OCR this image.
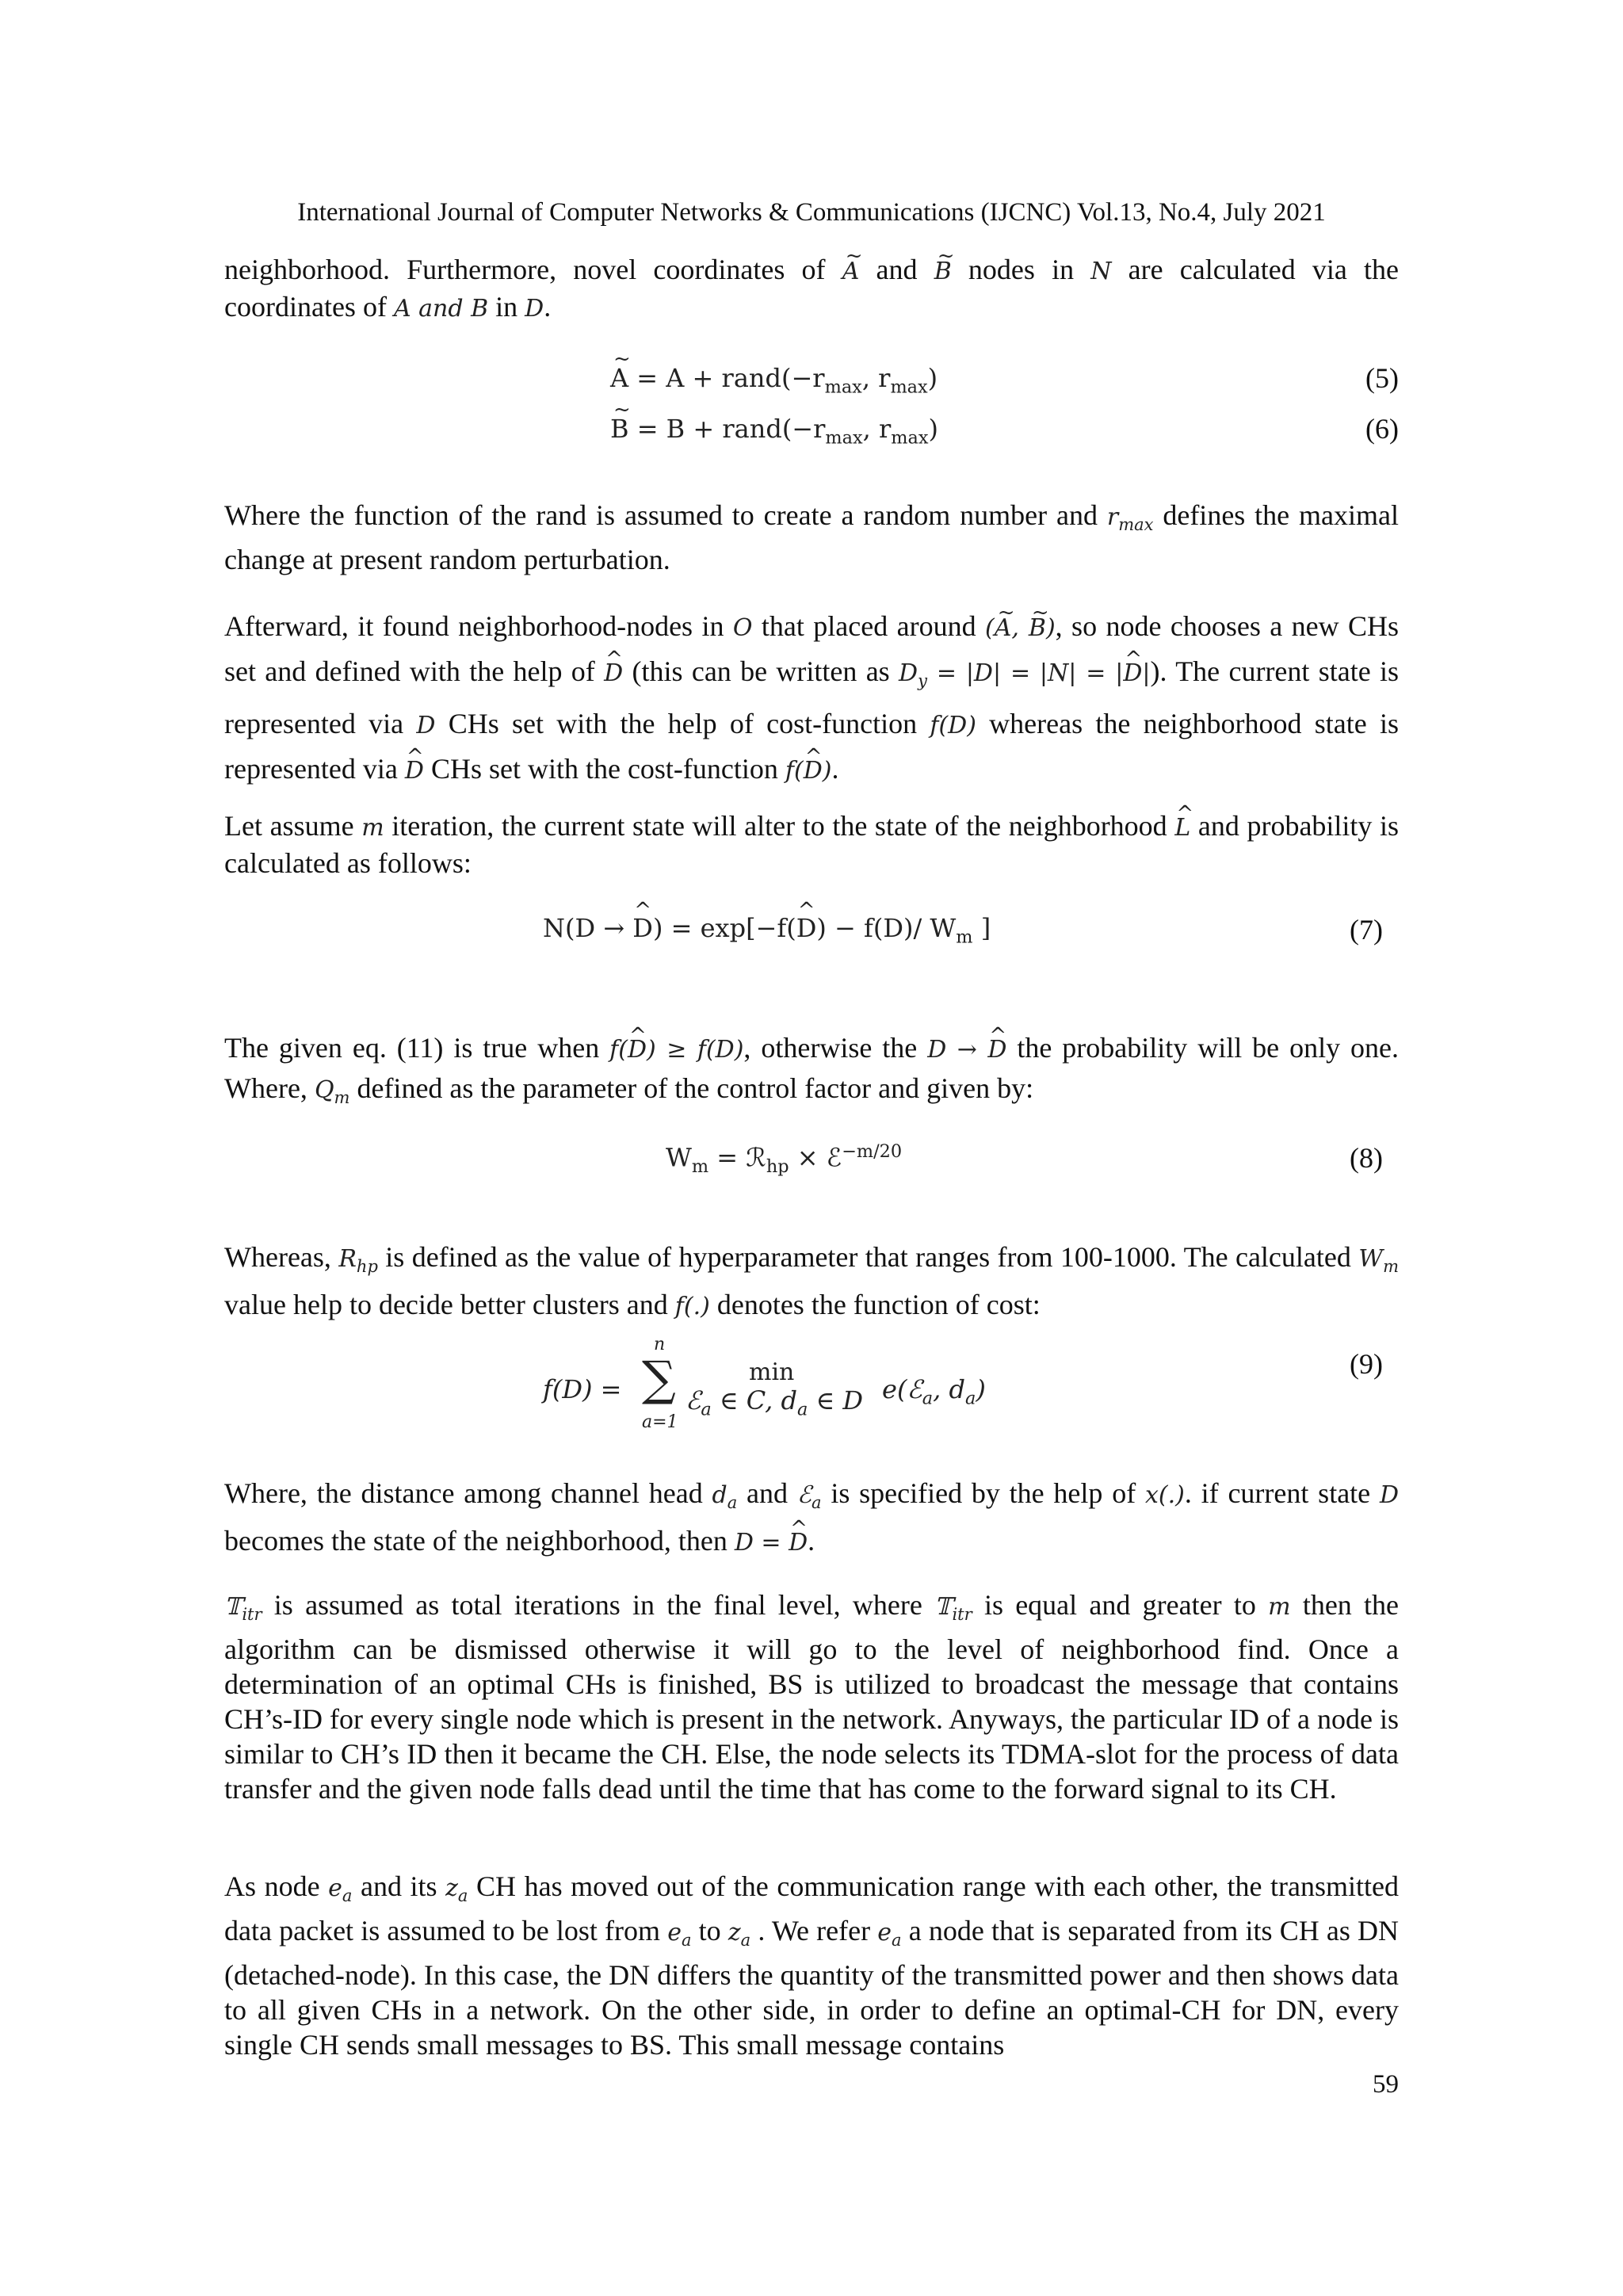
International Journal of Computer Networks & Communications (IJCNC) Vol.13, No.4, July 2021
neighborhood. Furthermore, novel coordinates of ~ A and ~ B nodes in N are calculated via the coordinates of A and B in D.
~ $A = A + rand(-r_{max}$, $r_{max}$)	(5)
~ $B = B + rand(-r_{max}$, $r_{max}$)	(6)
Where the function of the rand is assumed to create a random number and $r_{max}$ defines the maximal change at present random perturbation.
Afterward, it found neighborhood-nodes in O that placed around (~ A, ~ B), so node chooses a new CHs set and defined with the help of ^ D (this can be written as $D_y = |D| = |N|$ = |^ D|). The current state is represented via D CHs set with the help of cost-function f(D) whereas the neighborhood state is represented via ^ D CHs set with the cost-function f(^ D).
Let assume m iteration, the current state will alter to the state of the neighborhood ^ L and probability is calculated as follows:
N(D → ^ D) = exp[−f(^ D) − f(D)/ $W_m$ ]	(7)
The given eq. (11) is true when f(^ D) ≥ f(D), otherwise the D → ^ D the probability will be only one. Where, $Q_m$ defined as the parameter of the control factor and given by:
$W_m$ = ℛ$_{hp}$ × ℰ$^{-m/20}$	(8)
Whereas, $R_{hp}$ is defined as the value of hyperparameter that ranges from 100-1000. The calculated $W_m$ value help to decide better clusters and f(.) denotes the function of cost:
f(D) =
n
∑
a=1
min
ℰ$_a$ ∈ C, $d_a$ ∈ D e(ℰ$_a$, $d_a$)
(9)
Where, the distance among channel head $d_a$ and ℰ$_a$ is specified by the help of x(.). if current state D becomes the state of the neighborhood, then D = ^ D.
𝕋$_{itr}$ is assumed as total iterations in the final level, where 𝕋$_{itr}$ is equal and greater to m then the algorithm can be dismissed otherwise it will go to the level of neighborhood find. Once a determination of an optimal CHs is finished, BS is utilized to broadcast the message that contains CH’s-ID for every single node which is present in the network. Anyways, the particular ID of a node is similar to CH’s ID then it became the CH. Else, the node selects its TDMA-slot for the process of data transfer and the given node falls dead until the time that has come to the forward signal to its CH.
As node $e_a$ and its $z_a$ CH has moved out of the communication range with each other, the transmitted data packet is assumed to be lost from $e_a$ to $z_a$ . We refer $e_a$ a node that is separated from its CH as DN (detached-node). In this case, the DN differs the quantity of the transmitted power and then shows data to all given CHs in a network. On the other side, in order to define an optimal-CH for DN, every single CH sends small messages to BS. This small message contains
59
